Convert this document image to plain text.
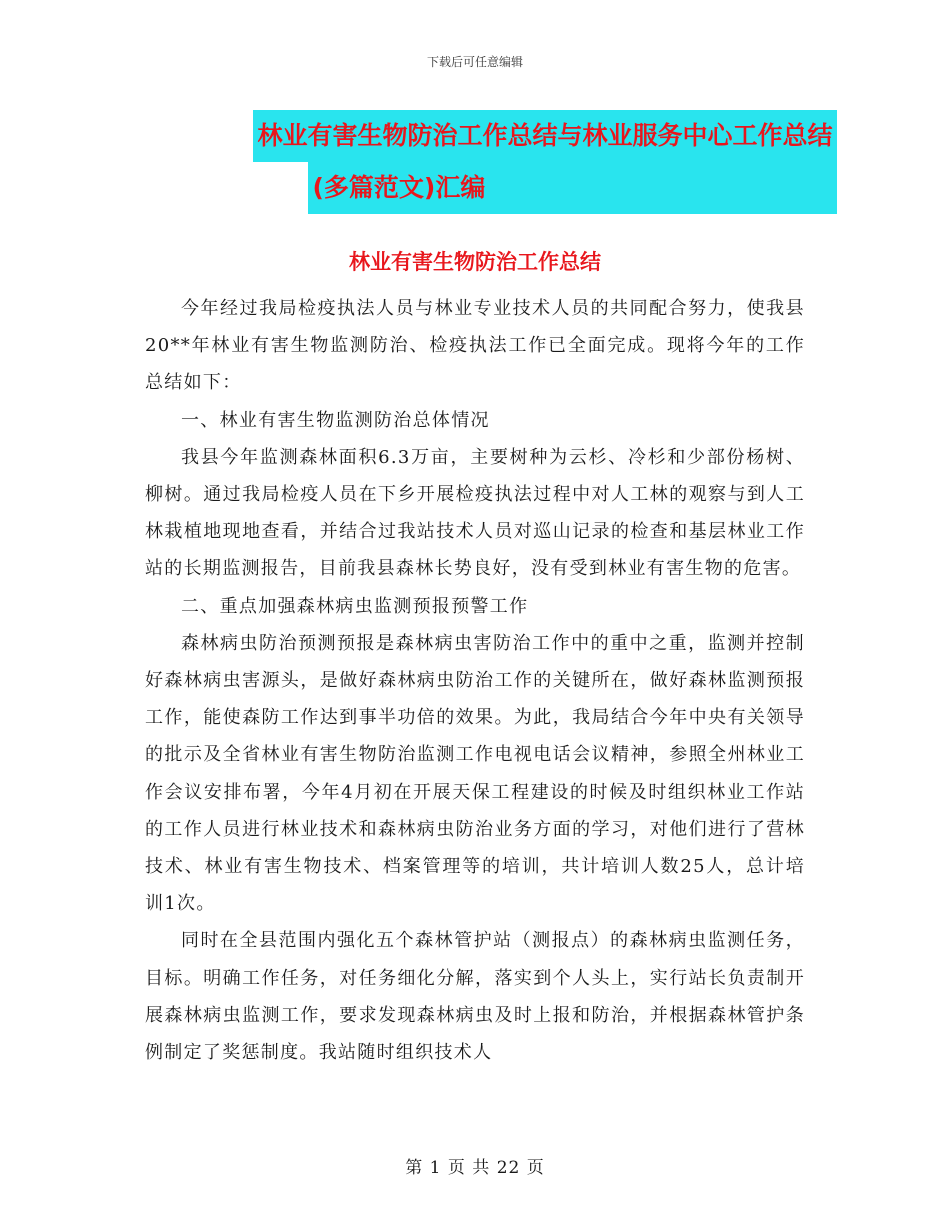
下载后可任意编辑
林业有害生物防治工作总结与林业服务中心工作总结
(多篇范文)汇编
林业有害生物防治工作总结

今年经过我局检疫执法人员与林业专业技术人员的共同配合努力，使我县20**年林业有害生物监测防治、检疫执法工作已全面完成。现将今年的工作总结如下：

一、林业有害生物监测防治总体情况

我县今年监测森林面积6.3万亩，主要树种为云杉、冷杉和少部份杨树、柳树。通过我局检疫人员在下乡开展检疫执法过程中对人工林的观察与到人工林栽植地现地查看，并结合过我站技术人员对巡山记录的检查和基层林业工作站的长期监测报告，目前我县森林长势良好，没有受到林业有害生物的危害。

二、重点加强森林病虫监测预报预警工作

森林病虫防治预测预报是森林病虫害防治工作中的重中之重，监测并控制好森林病虫害源头，是做好森林病虫防治工作的关键所在，做好森林监测预报工作，能使森防工作达到事半功倍的效果。为此，我局结合今年中央有关领导的批示及全省林业有害生物防治监测工作电视电话会议精神，参照全州林业工作会议安排布署，今年4月初在开展天保工程建设的时候及时组织林业工作站的工作人员进行林业技术和森林病虫防治业务方面的学习，对他们进行了营林技术、林业有害生物技术、档案管理等的培训，共计培训人数25人，总计培训1次。

同时在全县范围内强化五个森林管护站（测报点）的森林病虫监测任务，目标。明确工作任务，对任务细化分解，落实到个人头上，实行站长负责制开展森林病虫监测工作，要求发现森林病虫及时上报和防治，并根据森林管护条例制定了奖惩制度。我站随时组织技术人

第 1 页 共 22 页
